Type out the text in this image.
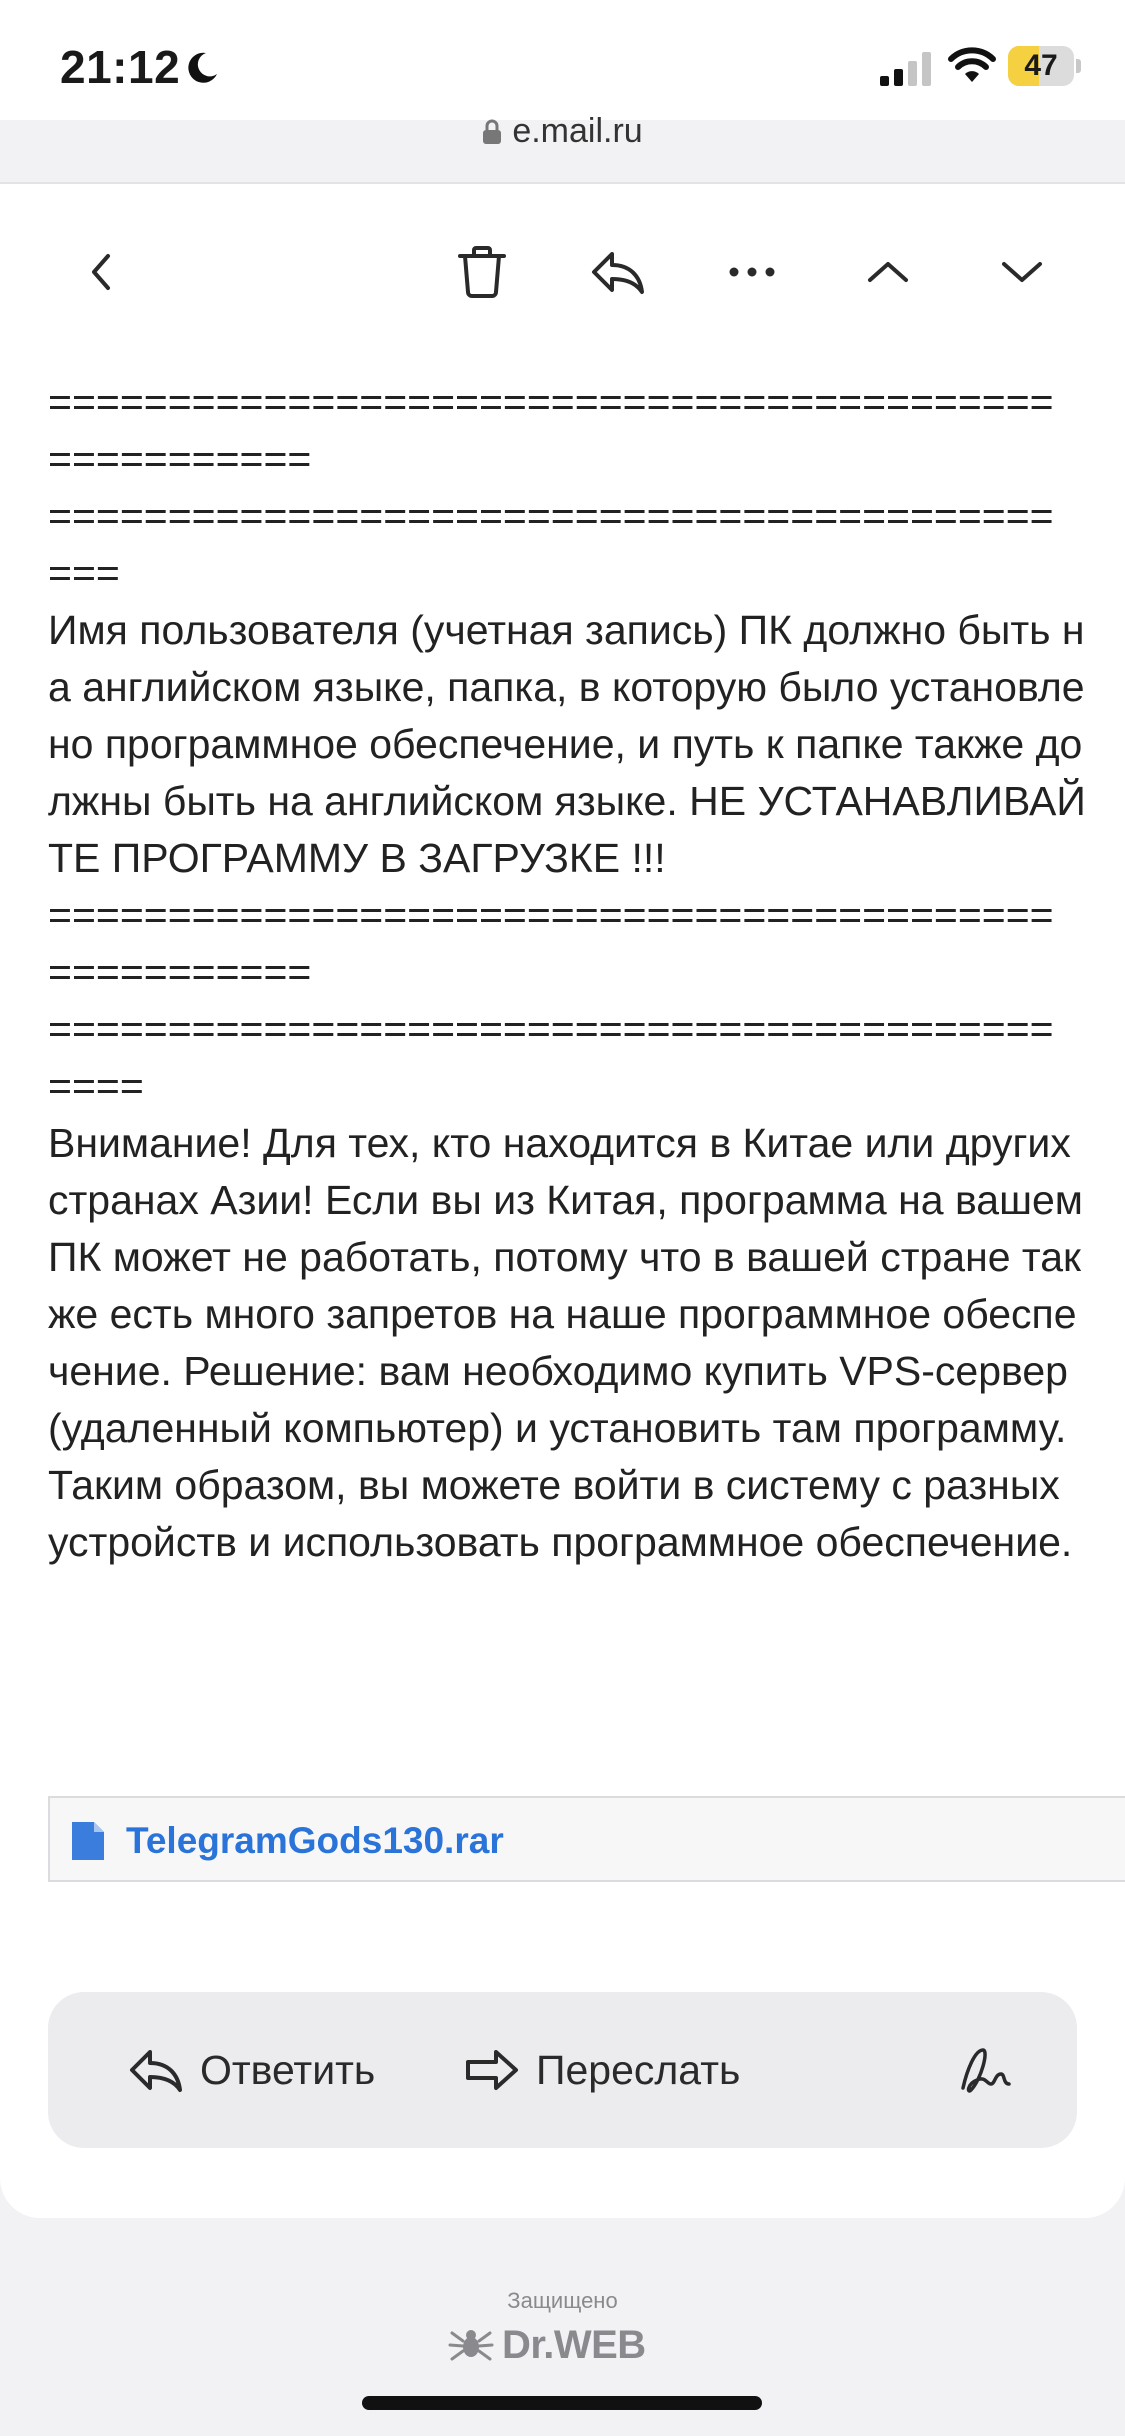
21:12	47
e.mail.ru
==========================================
===========
==========================================
===
Имя пользователя (учетная запись) ПК должно быть на английском языке, папка, в которую было установлено программное обеспечение, и путь к папке также должны быть на английском языке. НЕ УСТАНАВЛИВАЙТЕ ПРОГРАММУ В ЗАГРУЗКЕ !!!
==========================================
===========
==========================================
====
Внимание! Для тех, кто находится в Китае или других странах Азии! Если вы из Китая, программа на вашем ПК может не работать, потому что в вашей стране также есть много запретов на наше программное обеспечение. Решение: вам необходимо купить VPS-сервер (удаленный компьютер) и установить там программу. Таким образом, вы можете войти в систему с разных устройств и использовать программное обеспечение.
TelegramGods130.rar
Ответить	Переслать
Защищено
Dr.WEB
